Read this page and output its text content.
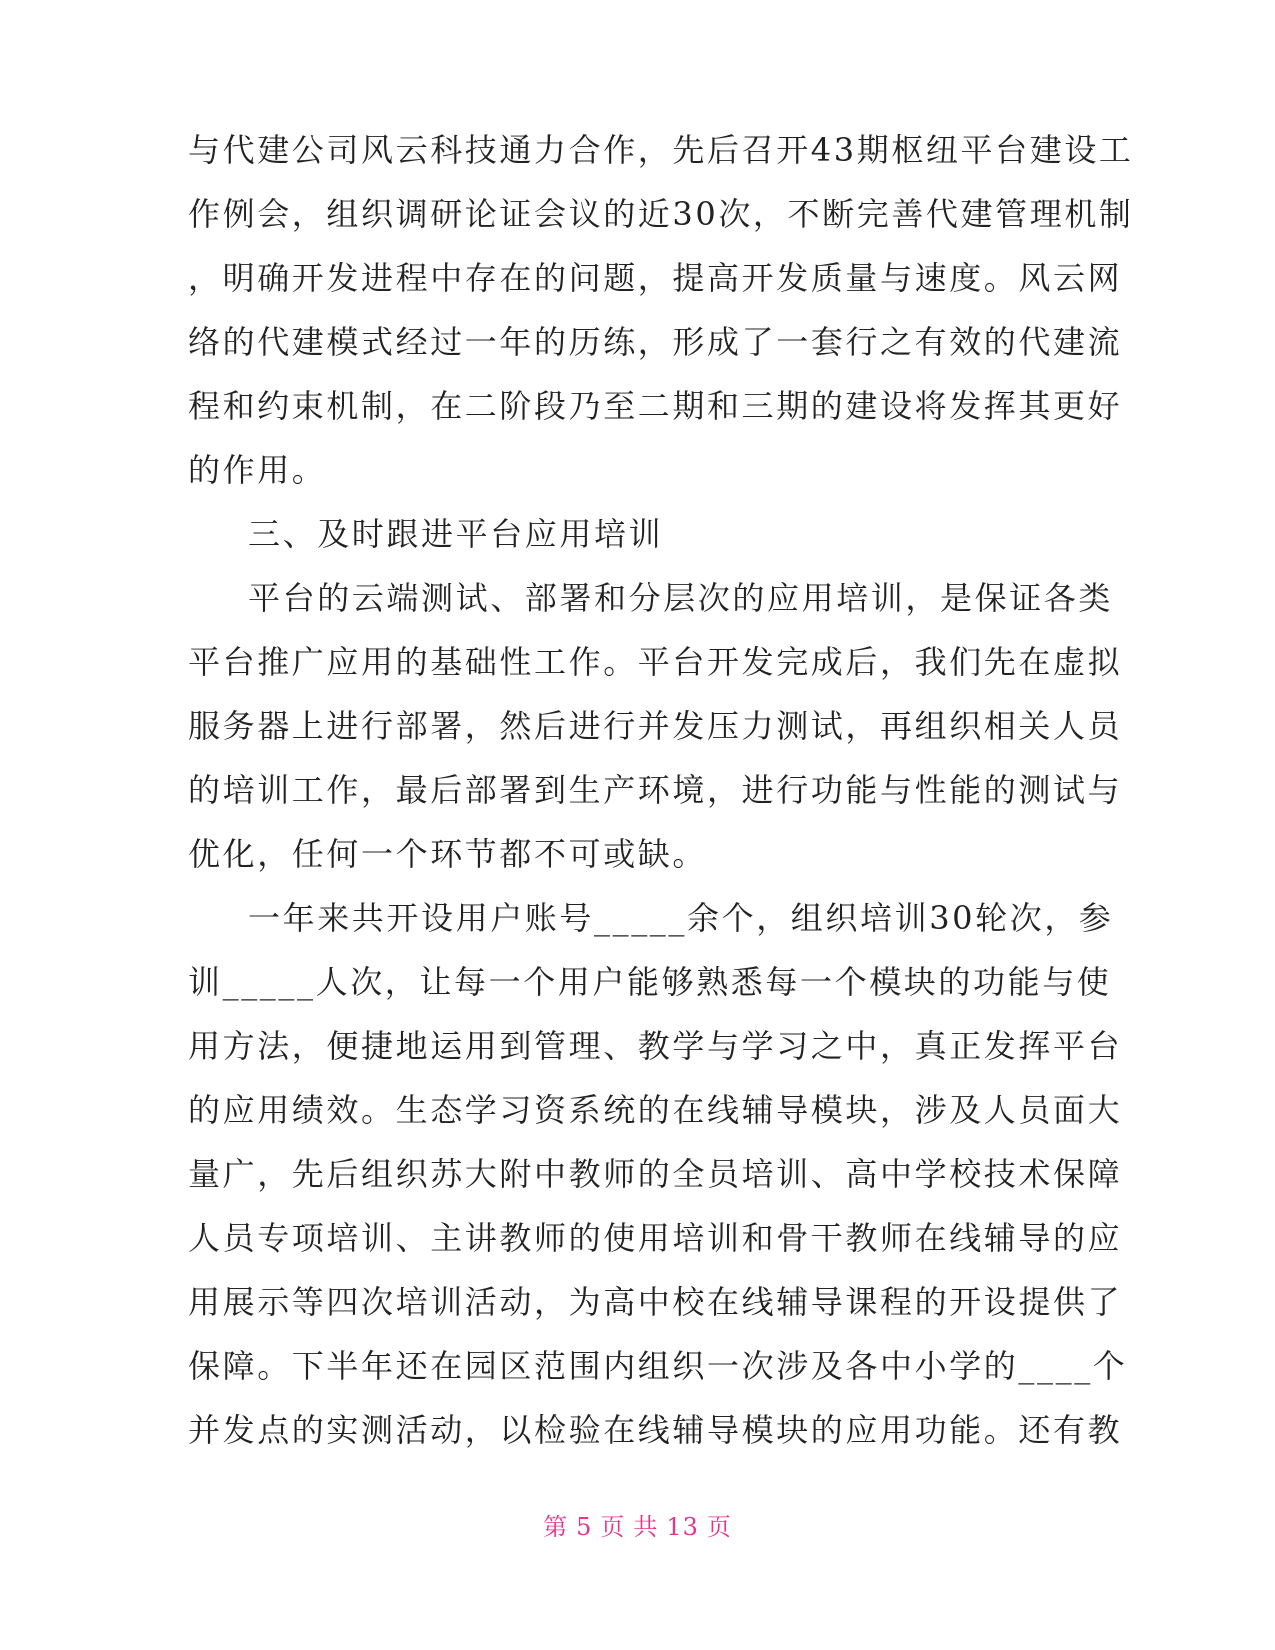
与代建公司风云科技通力合作，先后召开43期枢纽平台建设工
作例会，组织调研论证会议的近30次，不断完善代建管理机制
，明确开发进程中存在的问题，提高开发质量与速度。风云网
络的代建模式经过一年的历练，形成了一套行之有效的代建流
程和约束机制，在二阶段乃至二期和三期的建设将发挥其更好
的作用。
三、及时跟进平台应用培训
平台的云端测试、部署和分层次的应用培训，是保证各类
平台推广应用的基础性工作。平台开发完成后，我们先在虚拟
服务器上进行部署，然后进行并发压力测试，再组织相关人员
的培训工作，最后部署到生产环境，进行功能与性能的测试与
优化，任何一个环节都不可或缺。
一年来共开设用户账号_____余个，组织培训30轮次，参
训_____人次，让每一个用户能够熟悉每一个模块的功能与使
用方法，便捷地运用到管理、教学与学习之中，真正发挥平台
的应用绩效。生态学习资系统的在线辅导模块，涉及人员面大
量广，先后组织苏大附中教师的全员培训、高中学校技术保障
人员专项培训、主讲教师的使用培训和骨干教师在线辅导的应
用展示等四次培训活动，为高中校在线辅导课程的开设提供了
保障。下半年还在园区范围内组织一次涉及各中小学的____个
并发点的实测活动，以检验在线辅导模块的应用功能。还有教
第 5 页 共 13 页
